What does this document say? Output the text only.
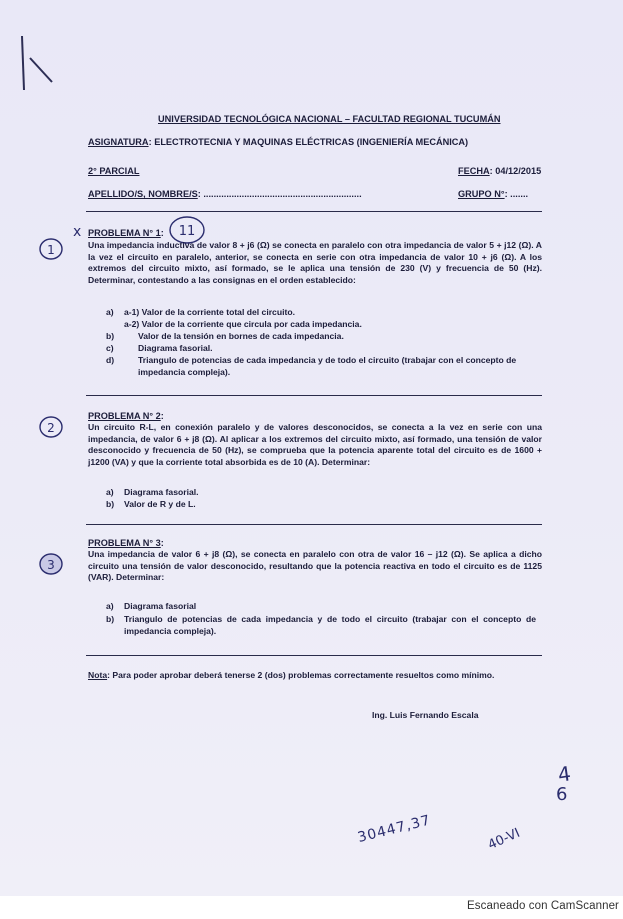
UNIVERSIDAD TECNOLÓGICA NACIONAL – FACULTAD REGIONAL TUCUMÁN
ASIGNATURA: ELECTROTECNIA Y MAQUINAS ELÉCTRICAS (INGENIERÍA MECÁNICA)
2° PARCIAL	FECHA: 04/12/2015
APELLIDO/S, NOMBRE/S: ..............................................................	GRUPO N°: .......
x PROBLEMA N° 1: 11
1	Una impedancia inductiva de valor 8 + j6 (Ω) se conecta en paralelo con otra impedancia de valor 5 + j12 (Ω). A la vez el circuito en paralelo, anterior, se conecta en serie con otra impedancia de valor 10 + j6 (Ω). A los extremos del circuito mixto, así formado, se le aplica una tensión de 230 (V) y frecuencia de 50 (Hz). Determinar, contestando a las consignas en el orden establecido:

a)	a-1) Valor de la corriente total del circuito.
a-2) Valor de la corriente que circula por cada impedancia.
b)	Valor de la tensión en bornes de cada impedancia.
c)	Diagrama fasorial.
d)	Triangulo de potencias de cada impedancia y de todo el circuito (trabajar con el concepto de impedancia compleja).
2
PROBLEMA N° 2:

Un circuito R-L, en conexión paralelo y de valores desconocidos, se conecta a la vez en serie con una impedancia, de valor 6 + j8 (Ω). Al aplicar a los extremos del circuito mixto, así formado, una tensión de valor desconocido y frecuencia de 50 (Hz), se comprueba que la potencia aparente total del circuito es de 1600 + j1200 (VA) y que la corriente total absorbida es de 10 (A). Determinar:

a)	Diagrama fasorial.
b)	Valor de R y de L.
3
PROBLEMA N° 3:

Una impedancia de valor 6 + j8 (Ω), se conecta en paralelo con otra de valor 16 – j12 (Ω). Se aplica a dicho circuito una tensión de valor desconocido, resultando que la potencia reactiva en todo el circuito es de 1125 (VAR). Determinar:

a)	Diagrama fasorial
b)	Triangulo de potencias de cada impedancia y de todo el circuito (trabajar con el concepto de impedancia compleja).
Nota: Para poder aprobar deberá tenerse 2 (dos) problemas correctamente resueltos como mínimo.
Ing. Luis Fernando Escala
4
6
30447,37	40-VI
Escaneado con CamScanner
